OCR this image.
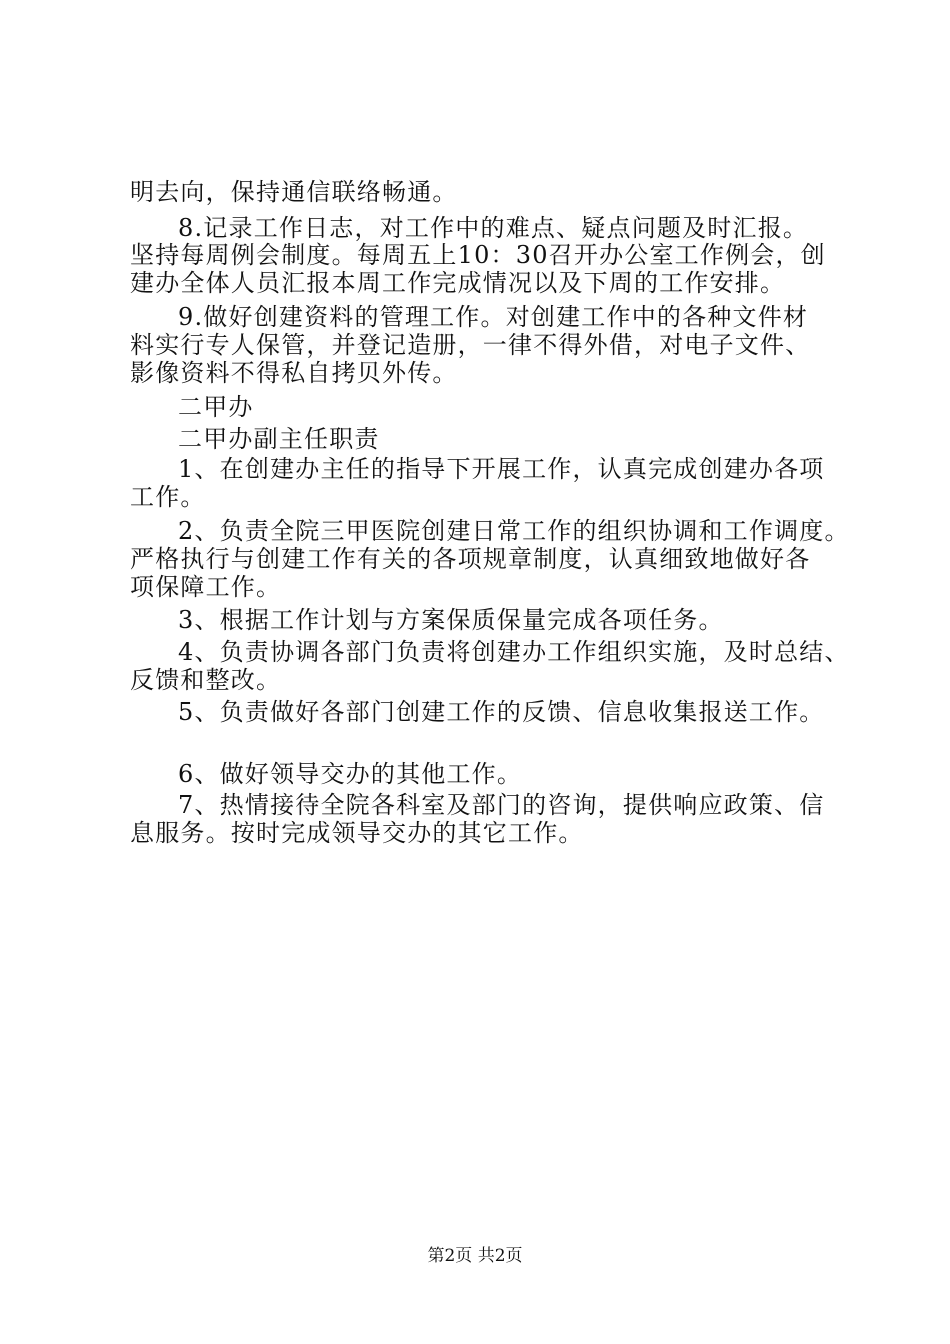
明去向，保持通信联络畅通。
8.记录工作日志，对工作中的难点、疑点问题及时汇报。
坚持每周例会制度。每周五上10：30召开办公室工作例会，创
建办全体人员汇报本周工作完成情况以及下周的工作安排。
9.做好创建资料的管理工作。对创建工作中的各种文件材
料实行专人保管，并登记造册，一律不得外借，对电子文件、
影像资料不得私自拷贝外传。
二甲办
二甲办副主任职责
1、在创建办主任的指导下开展工作，认真完成创建办各项
工作。
2、负责全院三甲医院创建日常工作的组织协调和工作调度。
严格执行与创建工作有关的各项规章制度，认真细致地做好各
项保障工作。
3、根据工作计划与方案保质保量完成各项任务。
4、负责协调各部门负责将创建办工作组织实施，及时总结、
反馈和整改。
5、负责做好各部门创建工作的反馈、信息收集报送工作。
6、做好领导交办的其他工作。
7、热情接待全院各科室及部门的咨询，提供响应政策、信
息服务。按时完成领导交办的其它工作。
第2页 共2页
